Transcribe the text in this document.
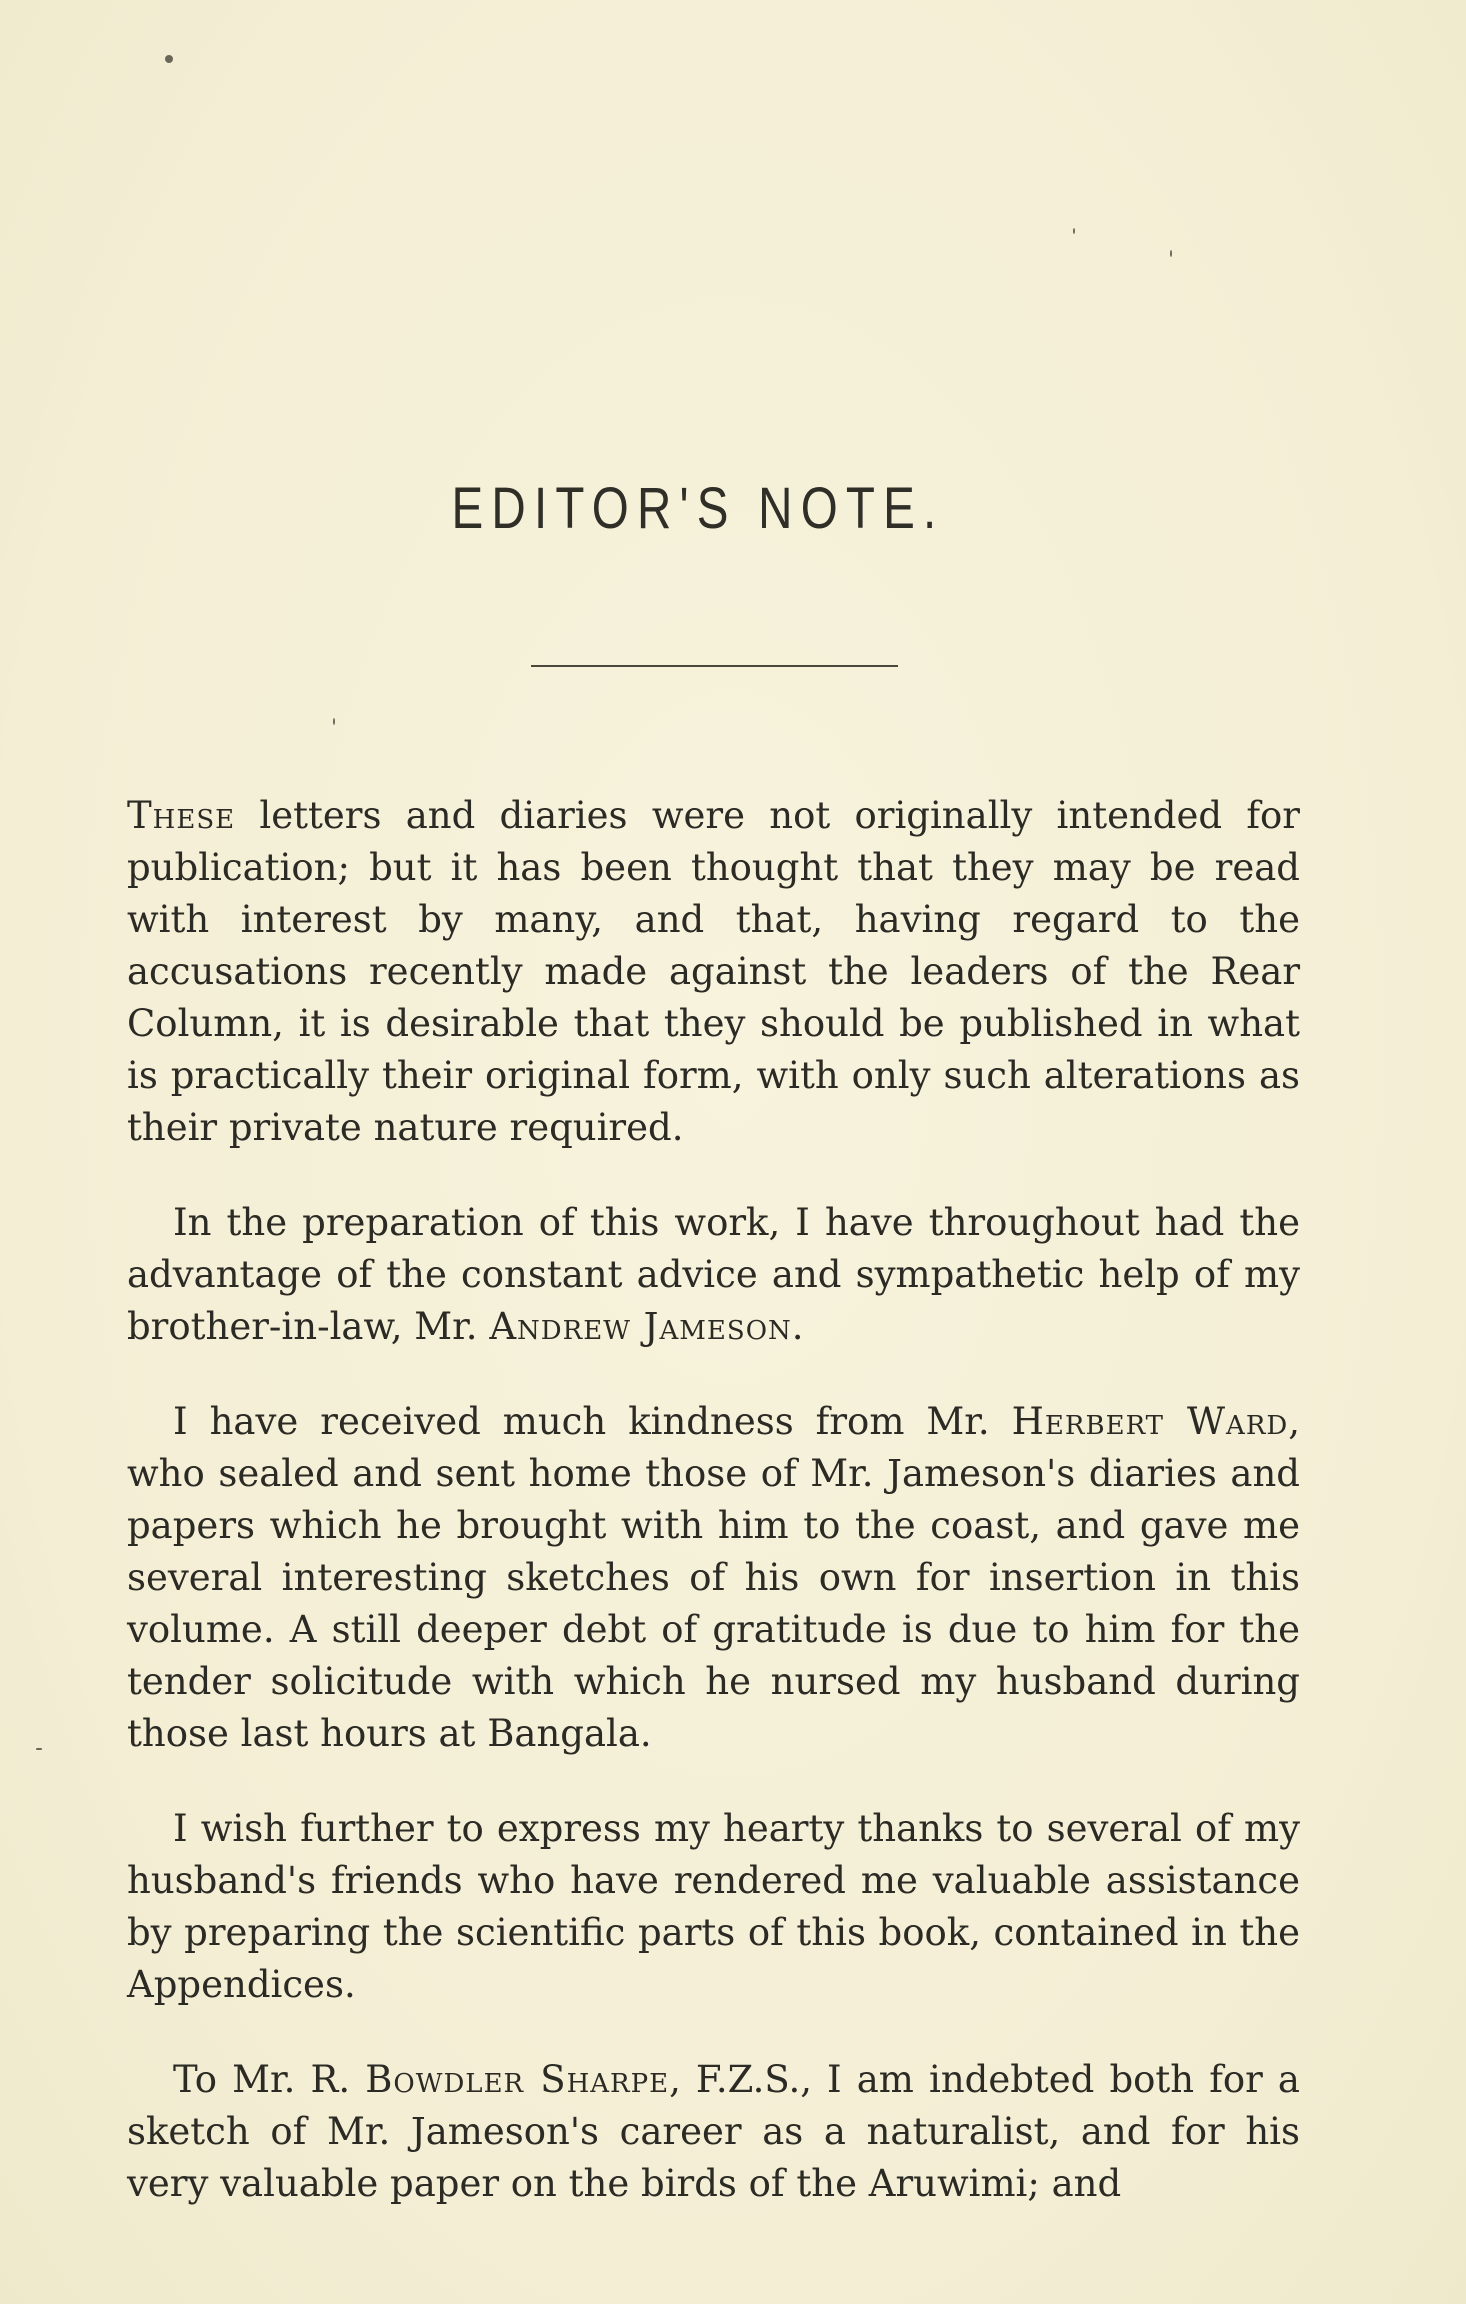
EDITOR'S NOTE.

These letters and diaries were not originally intended for publication; but it has been thought that they may be read with interest by many, and that, having regard to the accusations recently made against the leaders of the Rear Column, it is desirable that they should be published in what is practically their original form, with only such alterations as their private nature required.

In the preparation of this work, I have throughout had the advantage of the constant advice and sympathetic help of my brother-in-law, Mr. Andrew Jameson.

I have received much kindness from Mr. Herbert Ward, who sealed and sent home those of Mr. Jameson's diaries and papers which he brought with him to the coast, and gave me several interesting sketches of his own for insertion in this volume. A still deeper debt of gratitude is due to him for the tender solicitude with which he nursed my husband during those last hours at Bangala.

I wish further to express my hearty thanks to several of my husband's friends who have rendered me valuable assistance by preparing the scientific parts of this book, contained in the Appendices.

To Mr. R. Bowdler Sharpe, F.Z.S., I am indebted both for a sketch of Mr. Jameson's career as a naturalist, and for his very valuable paper on the birds of the Aruwimi; and
